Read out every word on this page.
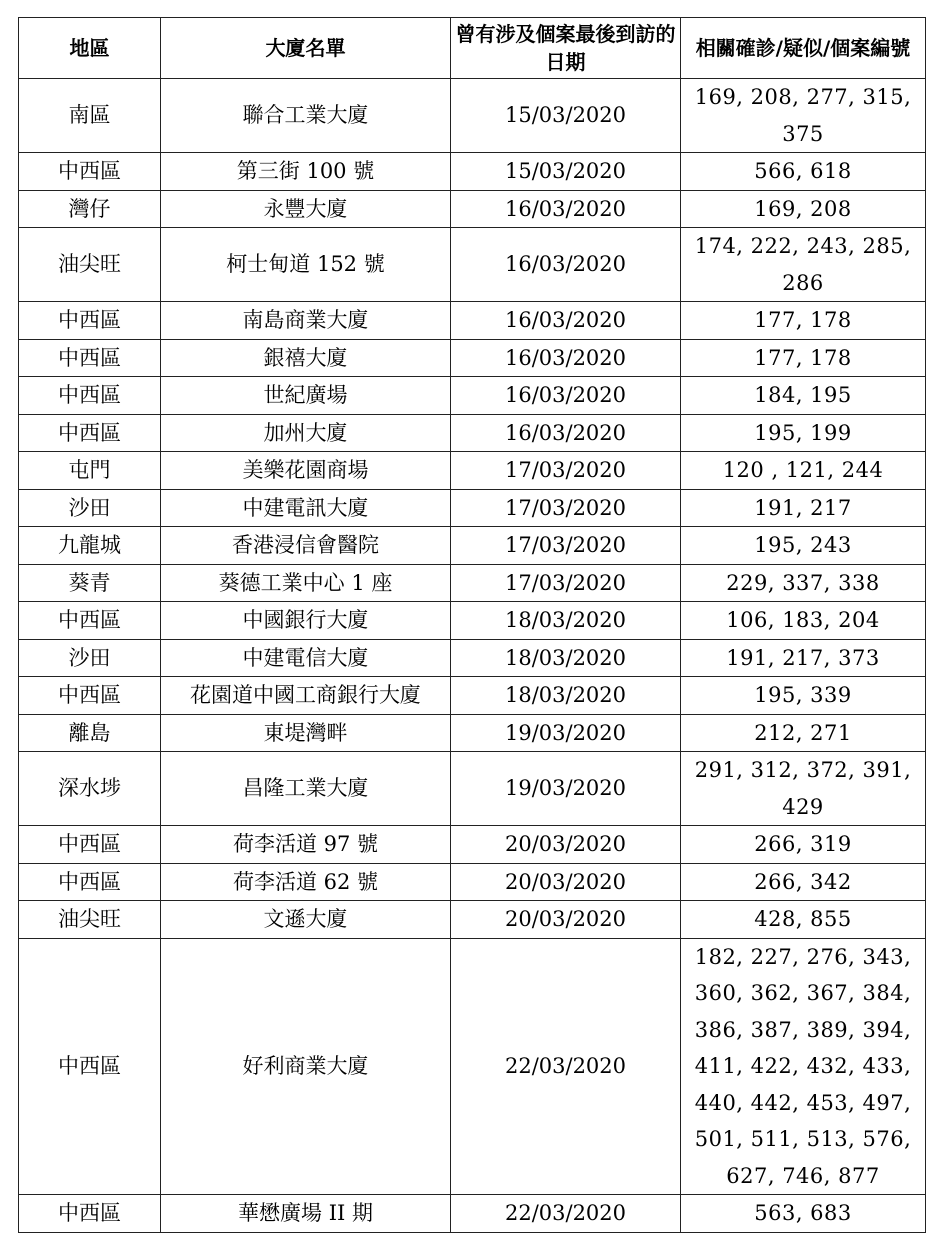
地區	大廈名單	曾有涉及個案最後到訪的日期	相關確診/疑似/個案編號
南區	聯合工業大廈	15/03/2020	169, 208, 277, 315, 375
中西區	第三街 100 號	15/03/2020	566, 618
灣仔	永豐大廈	16/03/2020	169, 208
油尖旺	柯士甸道 152 號	16/03/2020	174, 222, 243, 285, 286
中西區	南島商業大廈	16/03/2020	177, 178
中西區	銀禧大廈	16/03/2020	177, 178
中西區	世紀廣場	16/03/2020	184, 195
中西區	加州大廈	16/03/2020	195, 199
屯門	美樂花園商場	17/03/2020	120 , 121, 244
沙田	中建電訊大廈	17/03/2020	191, 217
九龍城	香港浸信會醫院	17/03/2020	195, 243
葵青	葵德工業中心 1 座	17/03/2020	229, 337, 338
中西區	中國銀行大廈	18/03/2020	106, 183, 204
沙田	中建電信大廈	18/03/2020	191, 217, 373
中西區	花園道中國工商銀行大廈	18/03/2020	195, 339
離島	東堤灣畔	19/03/2020	212, 271
深水埗	昌隆工業大廈	19/03/2020	291, 312, 372, 391, 429
中西區	荷李活道 97 號	20/03/2020	266, 319
中西區	荷李活道 62 號	20/03/2020	266, 342
油尖旺	文遜大廈	20/03/2020	428, 855
中西區	好利商業大廈	22/03/2020	182, 227, 276, 343, 360, 362, 367, 384, 386, 387, 389, 394, 411, 422, 432, 433, 440, 442, 453, 497, 501, 511, 513, 576, 627, 746, 877
中西區	華懋廣場 II 期	22/03/2020	563, 683
